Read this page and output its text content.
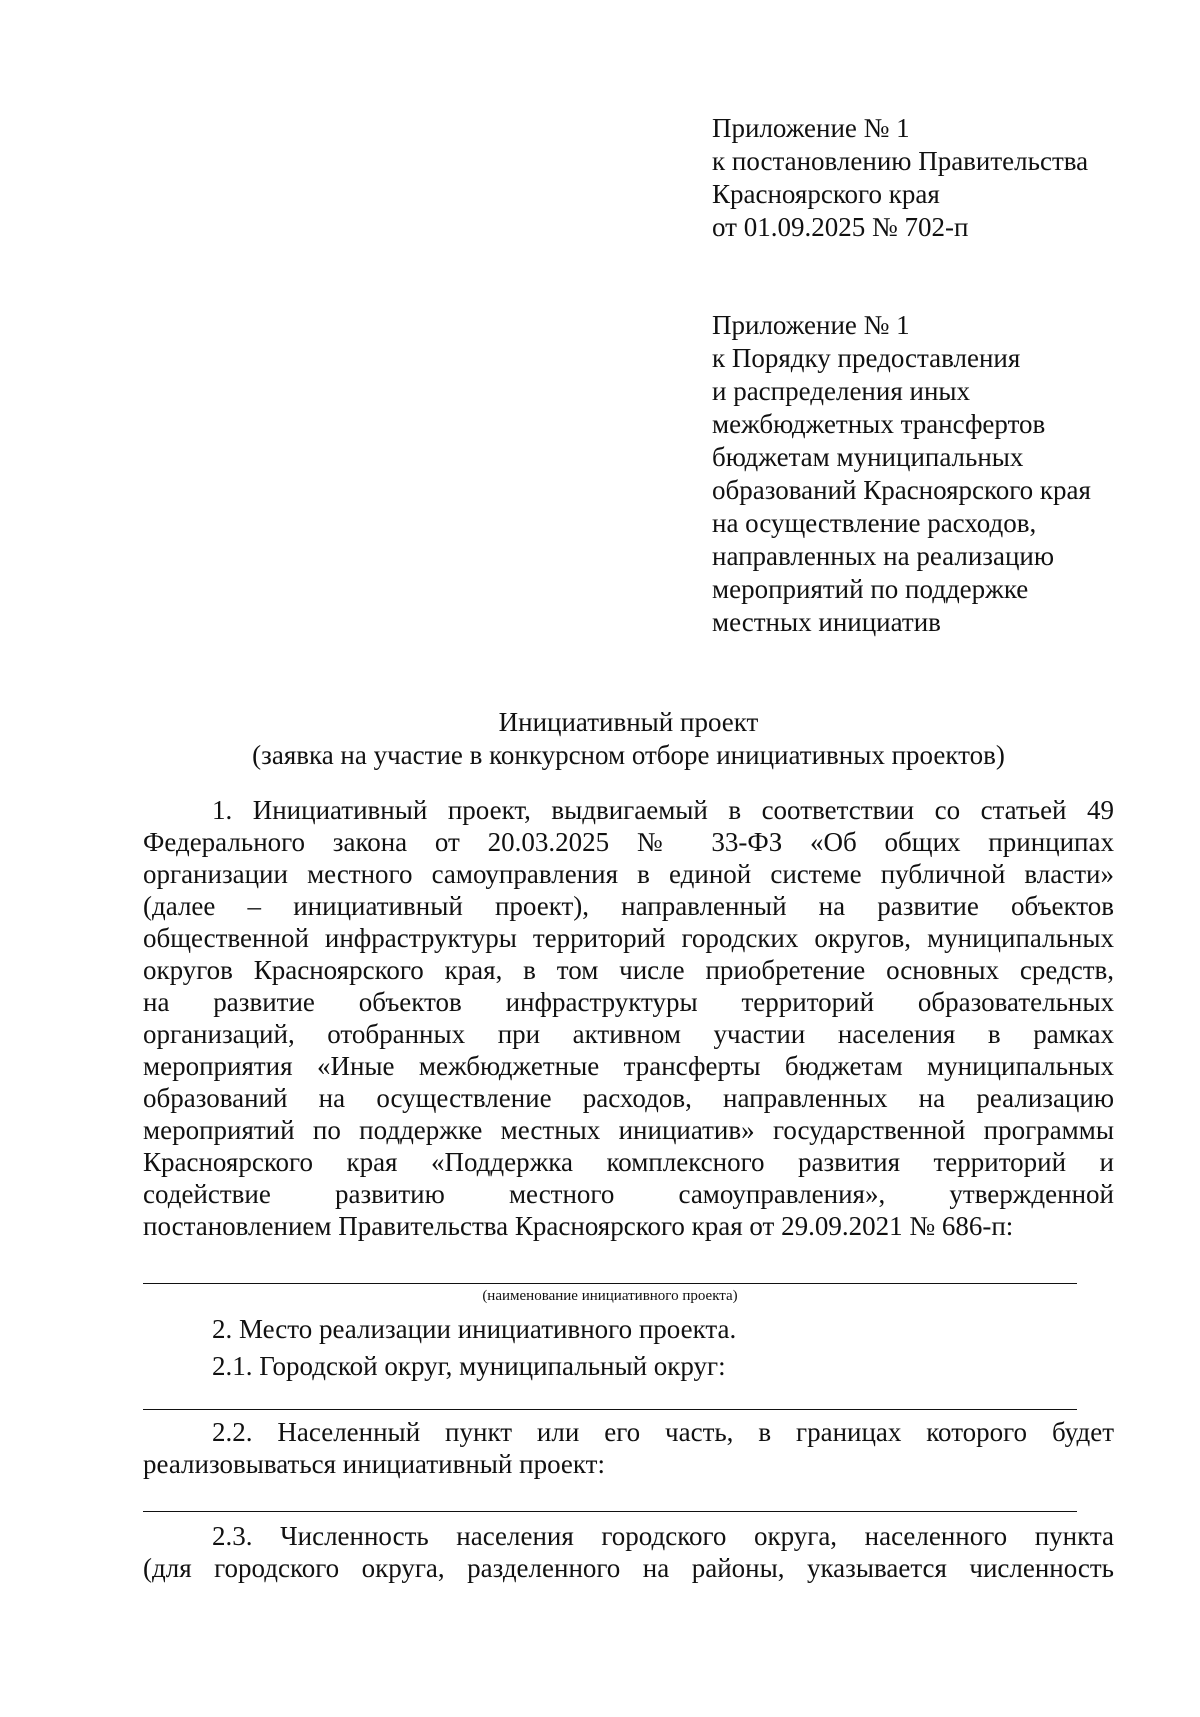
Приложение № 1
к постановлению Правительства
Красноярского края
от 01.09.2025 № 702-п
Приложение № 1
к Порядку предоставления
и распределения иных
межбюджетных трансфертов
бюджетам муниципальных
образований Красноярского края
на осуществление расходов,
направленных на реализацию
мероприятий по поддержке
местных инициатив
Инициативный проект
(заявка на участие в конкурсном отборе инициативных проектов)
1. Инициативный проект, выдвигаемый в соответствии со статьей 49
Федерального закона от 20.03.2025 № 33-ФЗ «Об общих принципах
организации местного самоуправления в единой системе публичной власти»
(далее – инициативный проект), направленный на развитие объектов
общественной инфраструктуры территорий городских округов, муниципальных
округов Красноярского края, в том числе приобретение основных средств,
на развитие объектов инфраструктуры территорий образовательных
организаций, отобранных при активном участии населения в рамках
мероприятия «Иные межбюджетные трансферты бюджетам муниципальных
образований на осуществление расходов, направленных на реализацию
мероприятий по поддержке местных инициатив» государственной программы
Красноярского края «Поддержка комплексного развития территорий и
содействие развитию местного самоуправления», утвержденной
постановлением Правительства Красноярского края от 29.09.2021 № 686-п:
(наименование инициативного проекта)
2. Место реализации инициативного проекта.
2.1. Городской округ, муниципальный округ:
2.2. Населенный пункт или его часть, в границах которого будет
реализовываться инициативный проект:
2.3. Численность населения городского округа, населенного пункта
(для городского округа, разделенного на районы, указывается численность
